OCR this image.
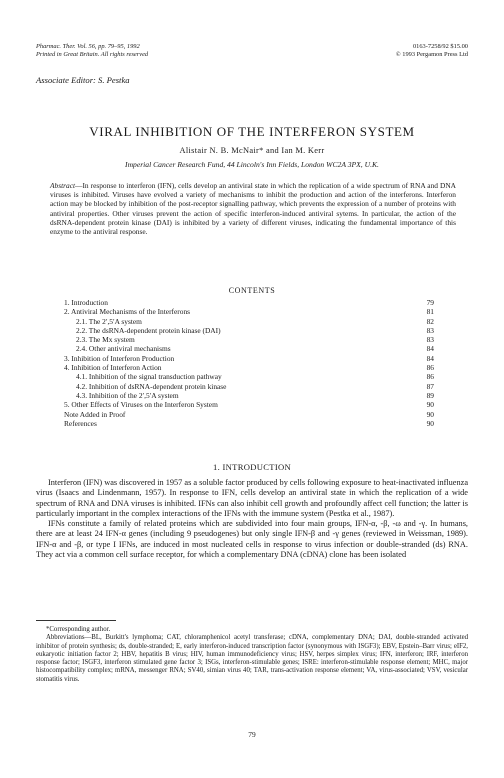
Pharmac. Ther. Vol. 56, pp. 79–95, 1992
Printed in Great Britain. All rights reserved
0163-7258/92 $15.00
© 1993 Pergamon Press Ltd
Associate Editor: S. Pestka
VIRAL INHIBITION OF THE INTERFERON SYSTEM
Alistair N. B. McNair* and Ian M. Kerr
Imperial Cancer Research Fund, 44 Lincoln's Inn Fields, London WC2A 3PX, U.K.
Abstract—In response to interferon (IFN), cells develop an antiviral state in which the replication of a wide spectrum of RNA and DNA viruses is inhibited. Viruses have evolved a variety of mechanisms to inhibit the production and action of the interferons. Interferon action may be blocked by inhibition of the post-receptor signalling pathway, which prevents the expression of a number of proteins with antiviral properties. Other viruses prevent the action of specific interferon-induced antiviral sytems. In particular, the action of the dsRNA-dependent protein kinase (DAI) is inhibited by a variety of different viruses, indicating the fundamental importance of this enzyme to the antiviral response.
CONTENTS
1. Introduction	79
2. Antiviral Mechanisms of the Interferons	81
2.1. The 2′,5′A system	82
2.2. The dsRNA-dependent protein kinase (DAI)	83
2.3. The Mx system	83
2.4. Other antiviral mechanisms	84
3. Inhibition of Interferon Production	84
4. Inhibition of Interferon Action	86
4.1. Inhibition of the signal transduction pathway	86
4.2. Inhibition of dsRNA-dependent protein kinase	87
4.3. Inhibition of the 2′,5′A system	89
5. Other Effects of Viruses on the Interferon System	90
Note Added in Proof	90
References	90
1. INTRODUCTION

Interferon (IFN) was discovered in 1957 as a soluble factor produced by cells following exposure to heat-inactivated influenza virus (Isaacs and Lindenmann, 1957). In response to IFN, cells develop an antiviral state in which the replication of a wide spectrum of RNA and DNA viruses is inhibited. IFNs can also inhibit cell growth and profoundly affect cell function; the latter is particularly important in the complex interactions of the IFNs with the immune system (Pestka et al., 1987).

IFNs constitute a family of related proteins which are subdivided into four main groups, IFN-α, -β, -ω and -γ. In humans, there are at least 24 IFN-α genes (including 9 pseudogenes) but only single IFN-β and -γ genes (reviewed in Weissman, 1989). IFN-α and -β, or type I IFNs, are induced in most nucleated cells in response to virus infection or double-stranded (ds) RNA. They act via a common cell surface receptor, for which a complementary DNA (cDNA) clone has been isolated

*Corresponding author.

Abbreviations—BL, Burkitt's lymphoma; CAT, chloramphenicol acetyl transferase; cDNA, complementary DNA; DAI, double-stranded activated inhibitor of protein synthesis; ds, double-stranded; E, early interferon-induced transcription factor (synonymous with ISGF3); EBV, Epstein–Barr virus; eIF2, eukaryotic initiation factor 2; HBV, hepatitis B virus; HIV, human immunodeficiency virus; HSV, herpes simplex virus; IFN, interferon; IRF, interferon response factor; ISGF3, interferon stimulated gene factor 3; ISGs, interferon-stimulable genes; ISRE: interferon-stimulable response element; MHC, major histocompatibility complex; mRNA, messenger RNA; SV40, simian virus 40; TAR, trans-activation response element; VA, virus-associated; VSV, vesicular stomatitis virus.

79
